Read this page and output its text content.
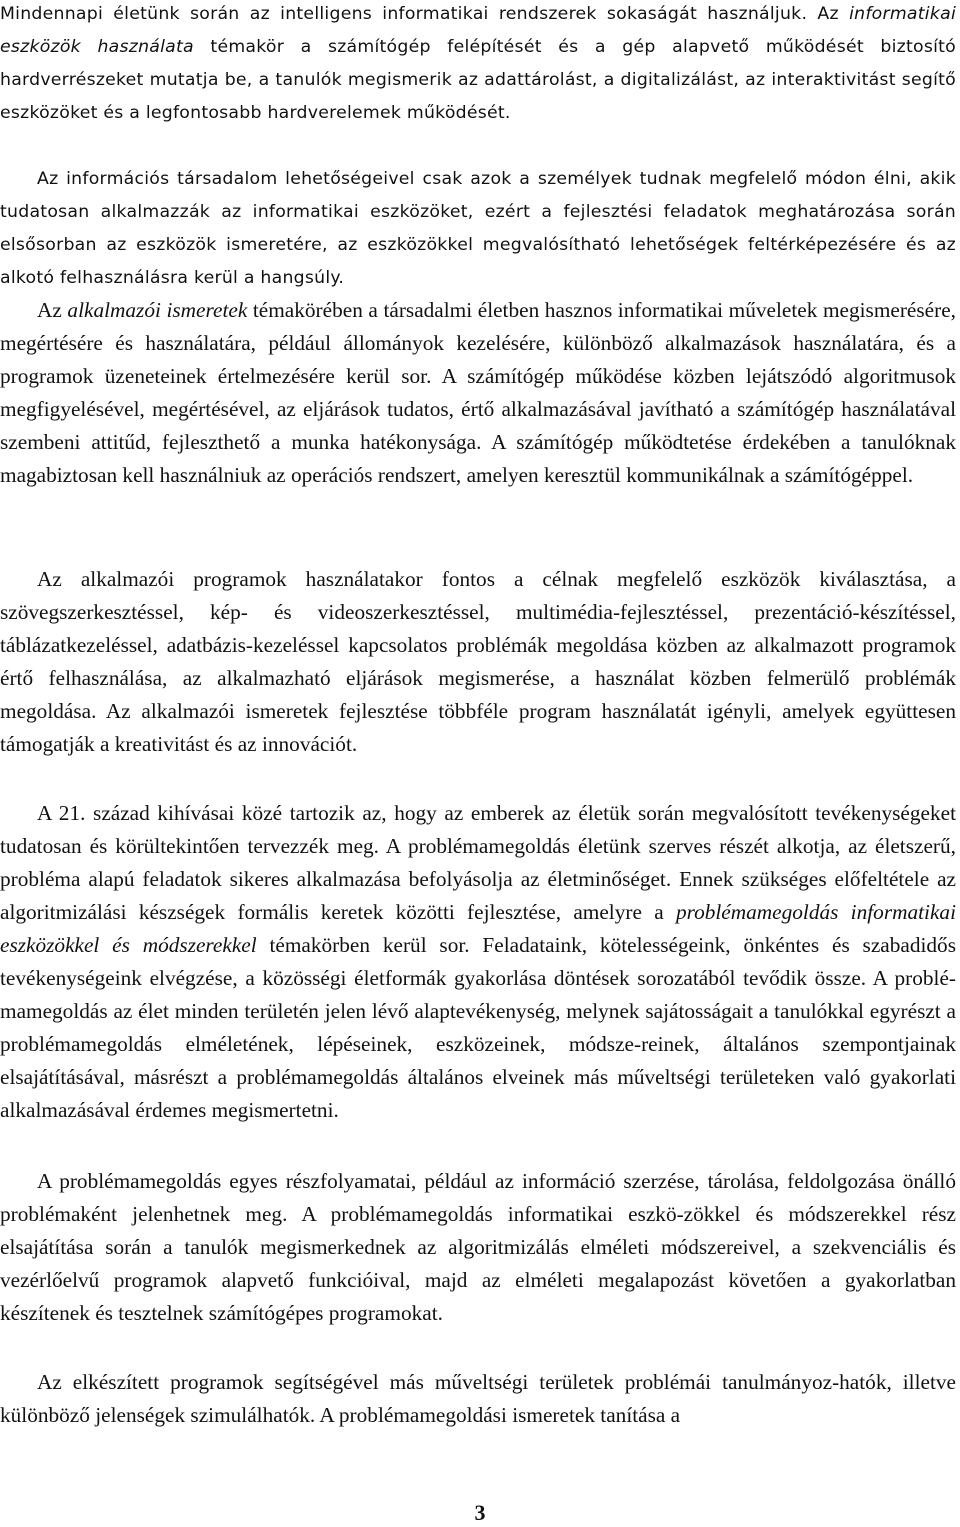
Mindennapi életünk során az intelligens informatikai rendszerek sokaságát használjuk. Az informatikai eszközök használata témakör a számítógép felépítését és a gép alapvető működését biztosító hardverrészeket mutatja be, a tanulók megismerik az adattárolást, a digitalizálást, az interaktivitást segítő eszközöket és a legfontosabb hardverelemek működését.

Az információs társadalom lehetőségeivel csak azok a személyek tudnak megfelelő módon élni, akik tudatosan alkalmazzák az informatikai eszközöket, ezért a fejlesztési feladatok meghatározása során elsősorban az eszközök ismeretére, az eszközökkel megvalósítható lehetőségek feltérképezésére és az alkotó felhasználásra kerül a hangsúly.

Az alkalmazói ismeretek témakörében a társadalmi életben hasznos informatikai műveletek megismerésére, megértésére és használatára, például állományok kezelésére, különböző alkalmazások használatára, és a programok üzeneteinek értelmezésére kerül sor. A számítógép működése közben lejátszódó algoritmusok megfigyelésével, megértésével, az eljárások tudatos, értő alkalmazásával javítható a számítógép használatával szembeni attitűd, fejleszthető a munka hatékonysága. A számítógép működtetése érdekében a tanulóknak magabiztosan kell használniuk az operációs rendszert, amelyen keresztül kommunikálnak a számítógéppel.

Az alkalmazói programok használatakor fontos a célnak megfelelő eszközök kiválasztása, a szövegszerkesztéssel, kép- és videoszerkesztéssel, multimédia-fejlesztéssel, prezentáció-készítéssel, táblázatkezeléssel, adatbázis-kezeléssel kapcsolatos problémák megoldása közben az alkalmazott programok értő felhasználása, az alkalmazható eljárások megismerése, a használat közben felmerülő problémák megoldása. Az alkalmazói ismeretek fejlesztése többféle program használatát igényli, amelyek együttesen támogatják a kreativitást és az innovációt.

A 21. század kihívásai közé tartozik az, hogy az emberek az életük során megvalósított tevékenységeket tudatosan és körültekintően tervezzék meg. A problémamegoldás életünk szerves részét alkotja, az életszerű, probléma alapú feladatok sikeres alkalmazása befolyásolja az életminőséget. Ennek szükséges előfeltétele az algoritmizálási készségek formális keretek közötti fejlesztése, amelyre a problémamegoldás informatikai eszközökkel és módszerekkel témakörben kerül sor. Feladataink, kötelességeink, önkéntes és szabadidős tevékenységeink elvégzése, a közösségi életformák gyakorlása döntések sorozatából tevődik össze. A problé-mamegoldás az élet minden területén jelen lévő alaptevékenység, melynek sajátosságait a tanulókkal egyrészt a problémamegoldás elméletének, lépéseinek, eszközeinek, módsze-reinek, általános szempontjainak elsajátításával, másrészt a problémamegoldás általános elveinek más műveltségi területeken való gyakorlati alkalmazásával érdemes megismertetni.

A problémamegoldás egyes részfolyamatai, például az információ szerzése, tárolása, feldolgozása önálló problémaként jelenhetnek meg. A problémamegoldás informatikai eszkö-zökkel és módszerekkel rész elsajátítása során a tanulók megismerkednek az algoritmizálás elméleti módszereivel, a szekvenciális és vezérlőelvű programok alapvető funkcióival, majd az elméleti megalapozást követően a gyakorlatban készítenek és tesztelnek számítógépes programokat.

Az elkészített programok segítségével más műveltségi területek problémái tanulmányoz-hatók, illetve különböző jelenségek szimulálhatók. A problémamegoldási ismeretek tanítása a

3
